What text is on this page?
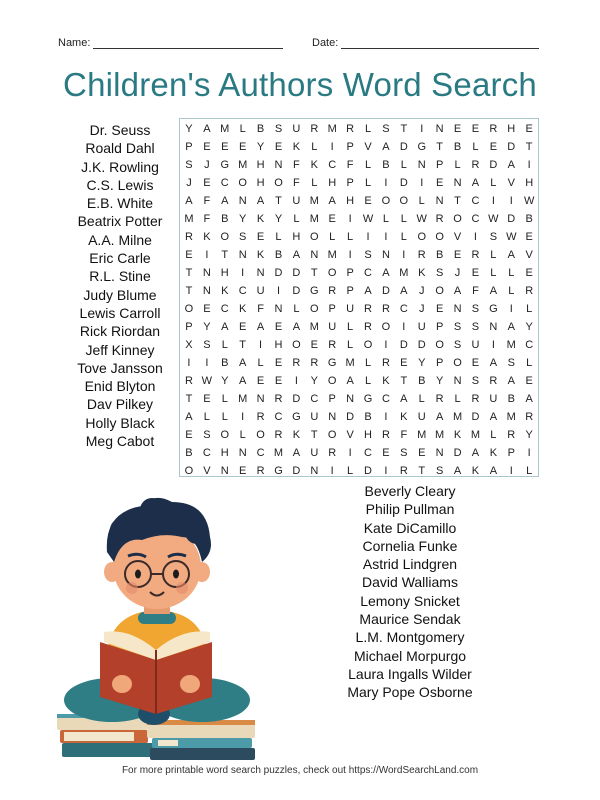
Name:	Date:
Children's Authors Word Search
Y A M L	B S U R M R L	S T	I	N E E R H E
P E E E Y E K	L	I	P V A D G T B	L	E D T
S	J G M H N F K C F	L	B	L N P	L R D A	I
J	E C O H O F	L H P	L	I	D	I	E N A	L	V H
A F A N A T U M A H E O O L N T C	I	I	W
M F B Y K Y	L M E	I	W L	L W R O C W D B
R K O S E	L H O L	L	I	I	L O O V	I	S W E
E	I	T N K B A N M	I	S N	I	R B E R L	A V
T N H	I	N D D T O P C A M K S	J	E	L	L	E
T N K C U	I	D G R P A D A	J O A F A	L R
O E C K F N L O P U R R C	J	E N S G	I	L
P Y A E A E A M U L R O	I	U P S S N A Y
X S	L	T	I	H O E R L O	I	D D O S U	I	M C
I	I	B A	L	E R R G M L R E Y P O E A S	L
R W Y A E E	I	Y O A	L	K T B Y N S R A E
T E	L M N R D C P N G C A	L R L R U B A
A	L	L	I	R C G U N D B	I	K U A M D A M R
E S O L O R K T O V H R F M M K M L R Y
B C H N C M A U R	I	C E S E N D A K P	I
O V N E R G D N	I	L D	I	R T S A K A	I	L
Dr. Seuss
Roald Dahl
J.K. Rowling
C.S. Lewis
E.B. White
Beatrix Potter
A.A. Milne
Eric Carle
R.L. Stine
Judy Blume
Lewis Carroll
Rick Riordan
Jeff Kinney
Tove Jansson
Enid Blyton
Dav Pilkey
Holly Black
Meg Cabot
Beverly Cleary
Philip Pullman
Kate DiCamillo
Cornelia Funke
Astrid Lindgren
David Walliams
Lemony Snicket
Maurice Sendak
L.M. Montgomery
Michael Morpurgo
Laura Ingalls Wilder
Mary Pope Osborne
For more printable word search puzzles, check out https://WordSearchLand.com
